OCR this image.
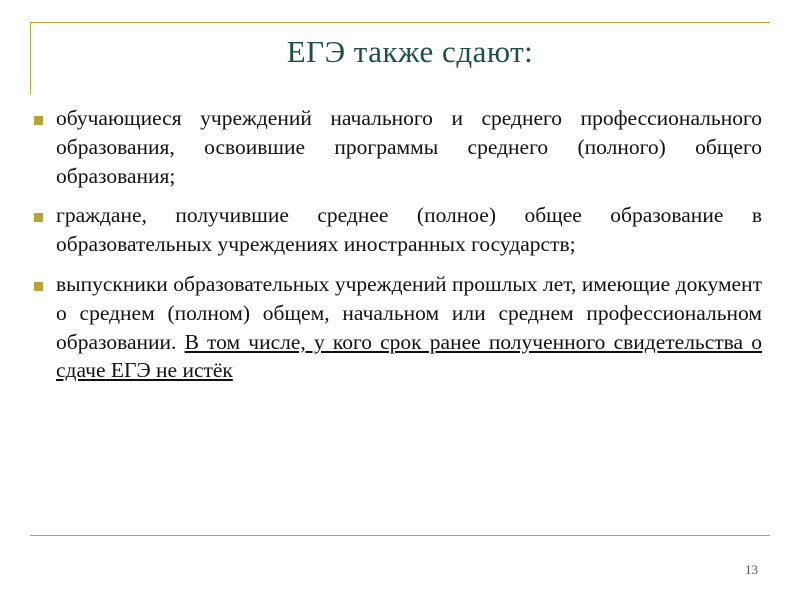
ЕГЭ также сдают:
обучающиеся учреждений начального и среднего профессионального образования, освоившие программы среднего (полного) общего образования;
граждане, получившие среднее (полное) общее образование в образовательных учреждениях иностранных государств;
выпускники образовательных учреждений прошлых лет, имеющие документ о среднем (полном) общем, начальном или среднем профессиональном образовании. В том числе, у кого срок ранее полученного свидетельства о сдаче ЕГЭ не истёк
13
